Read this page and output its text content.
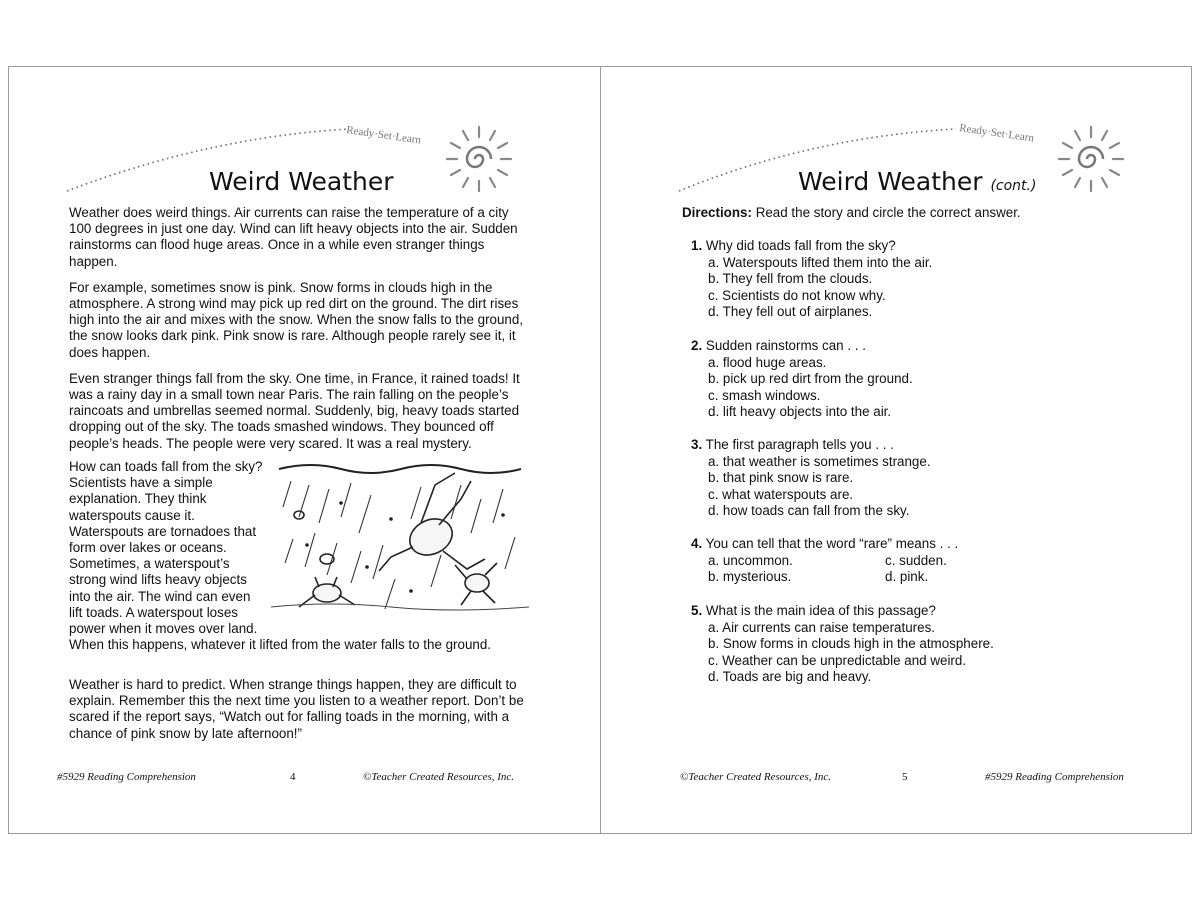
Ready·Set·Learn
Weird Weather

Weather does weird things. Air currents can raise the temperature of a city 100 degrees in just one day. Wind can lift heavy objects into the air. Sudden rainstorms can flood huge areas. Once in a while even stranger things happen.

For example, sometimes snow is pink. Snow forms in clouds high in the atmosphere. A strong wind may pick up red dirt on the ground. The dirt rises high into the air and mixes with the snow. When the snow falls to the ground, the snow looks dark pink. Pink snow is rare. Although people rarely see it, it does happen.

Even stranger things fall from the sky. One time, in France, it rained toads! It was a rainy day in a small town near Paris. The rain falling on the people’s raincoats and umbrellas seemed normal. Suddenly, big, heavy toads started dropping out of the sky. The toads smashed windows. They bounced off people’s heads. The people were very scared. It was a real mystery.

How can toads fall from the sky? Scientists have a simple explanation. They think waterspouts cause it. Waterspouts are tornadoes that form over lakes or oceans. Sometimes, a waterspout’s strong wind lifts heavy objects into the air. The wind can even lift toads. A waterspout loses power when it moves over land. When this happens, whatever it lifted from the water falls to the ground.

Weather is hard to predict. When strange things happen, they are difficult to explain. Remember this the next time you listen to a weather report. Don’t be scared if the report says, “Watch out for falling toads in the morning, with a chance of pink snow by late afternoon!”

#5929 Reading Comprehension	4	©Teacher Created Resources, Inc.
Ready·Set·Learn
Weird Weather (cont.)
Directions: Read the story and circle the correct answer.
1. Why did toads fall from the sky?
a. Waterspouts lifted them into the air.
b. They fell from the clouds.
c. Scientists do not know why.
d. They fell out of airplanes.
2. Sudden rainstorms can . . .
a. flood huge areas.
b. pick up red dirt from the ground.
c. smash windows.
d. lift heavy objects into the air.
3. The first paragraph tells you . . .
a. that weather is sometimes strange.
b. that pink snow is rare.
c. what waterspouts are.
d. how toads can fall from the sky.
4. You can tell that the word “rare” means . . .
a. uncommon.	c. sudden.
b. mysterious.	d. pink.
5. What is the main idea of this passage?
a. Air currents can raise temperatures.
b. Snow forms in clouds high in the atmosphere.
c. Weather can be unpredictable and weird.
d. Toads are big and heavy.
©Teacher Created Resources, Inc.	5	#5929 Reading Comprehension
